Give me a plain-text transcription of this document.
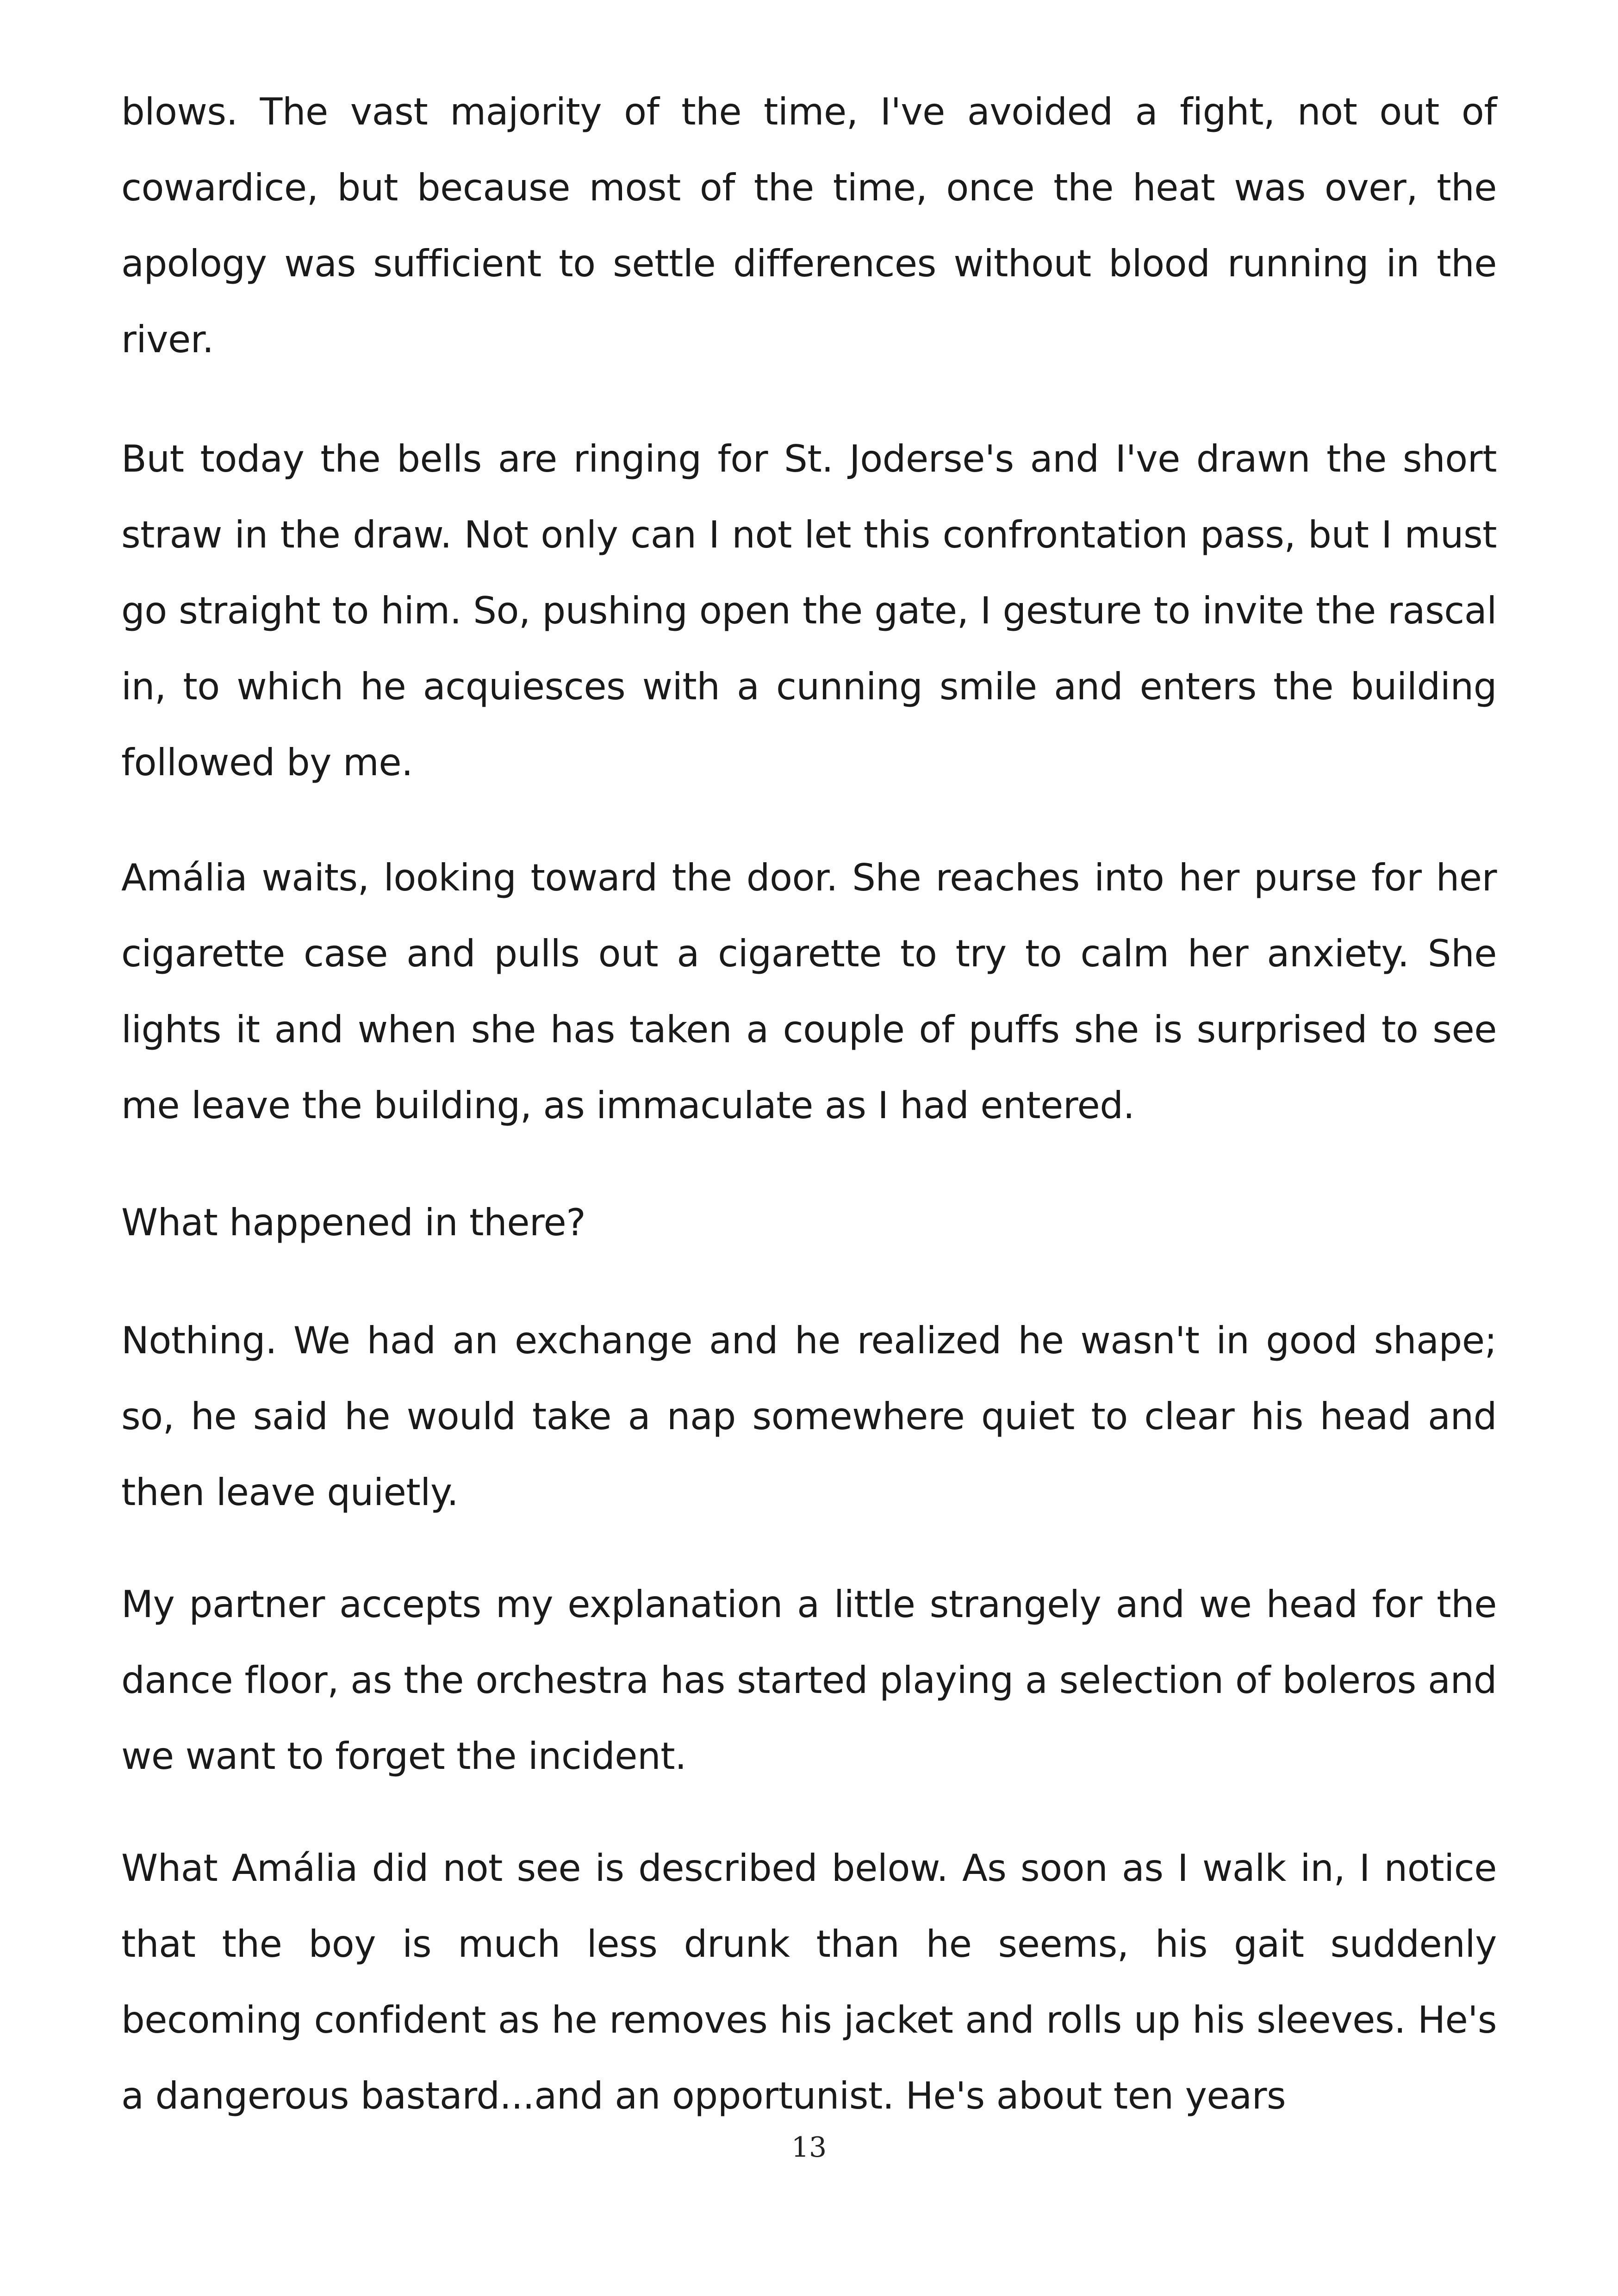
blows. The vast majority of the time, I've avoided a fight, not out of cowardice, but because most of the time, once the heat was over, the apology was sufficient to settle differences without blood running in the river.

But today the bells are ringing for St. Joderse's and I've drawn the short straw in the draw. Not only can I not let this confrontation pass, but I must go straight to him. So, pushing open the gate, I gesture to invite the rascal in, to which he acquiesces with a cunning smile and enters the building followed by me.

Amália waits, looking toward the door. She reaches into her purse for her cigarette case and pulls out a cigarette to try to calm her anxiety. She lights it and when she has taken a couple of puffs she is surprised to see me leave the building, as immaculate as I had entered.

What happened in there?

Nothing. We had an exchange and he realized he wasn't in good shape; so, he said he would take a nap somewhere quiet to clear his head and then leave quietly.

My partner accepts my explanation a little strangely and we head for the dance floor, as the orchestra has started playing a selection of boleros and we want to forget the incident.

What Amália did not see is described below. As soon as I walk in, I notice that the boy is much less drunk than he seems, his gait suddenly becoming confident as he removes his jacket and rolls up his sleeves. He's a dangerous bastard...and an opportunist. He's about ten years

13
